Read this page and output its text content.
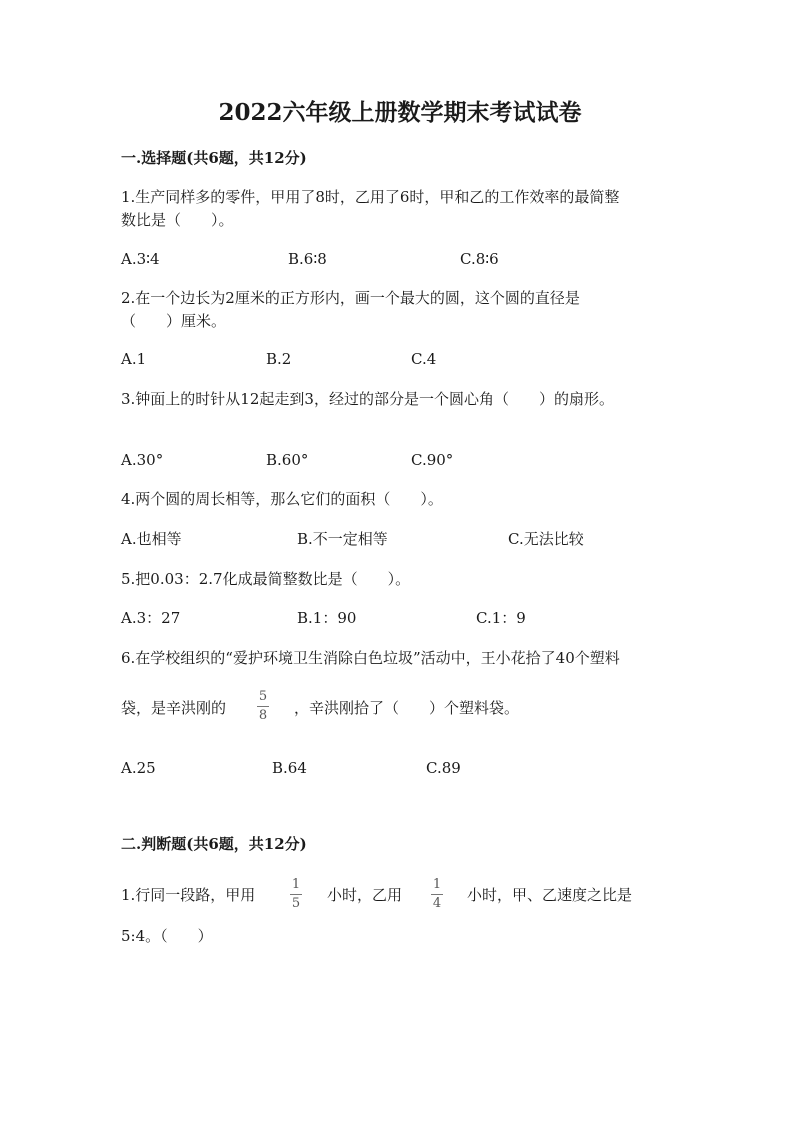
2022六年级上册数学期末考试试卷
一.选择题(共6题，共12分)
1.生产同样多的零件，甲用了8时，乙用了6时，甲和乙的工作效率的最简整
数比是（　　）。
A.3∶4	B.6∶8	C.8∶6
2.在一个边长为2厘米的正方形内，画一个最大的圆，这个圆的直径是
（　　）厘米。
A.1	B.2	C.4
3.钟面上的时针从12起走到3，经过的部分是一个圆心角（　　）的扇形。
A.30°	B.60°	C.90°
4.两个圆的周长相等，那么它们的面积（　　）。
A.也相等	B.不一定相等	C.无法比较
5.把0.03：2.7化成最简整数比是（　　）。
A.3：27	B.1：90	C.1：9
6.在学校组织的“爱护环境卫生消除白色垃圾”活动中，王小花拾了40个塑料
袋，是辛洪刚的
5
8	，辛洪刚拾了（　　）个塑料袋。
A.25	B.64	C.89
二.判断题(共6题，共12分)
1.行同一段路，甲用
1
5	小时，乙用
1
4	小时，甲、乙速度之比是
5:4。（　　）
